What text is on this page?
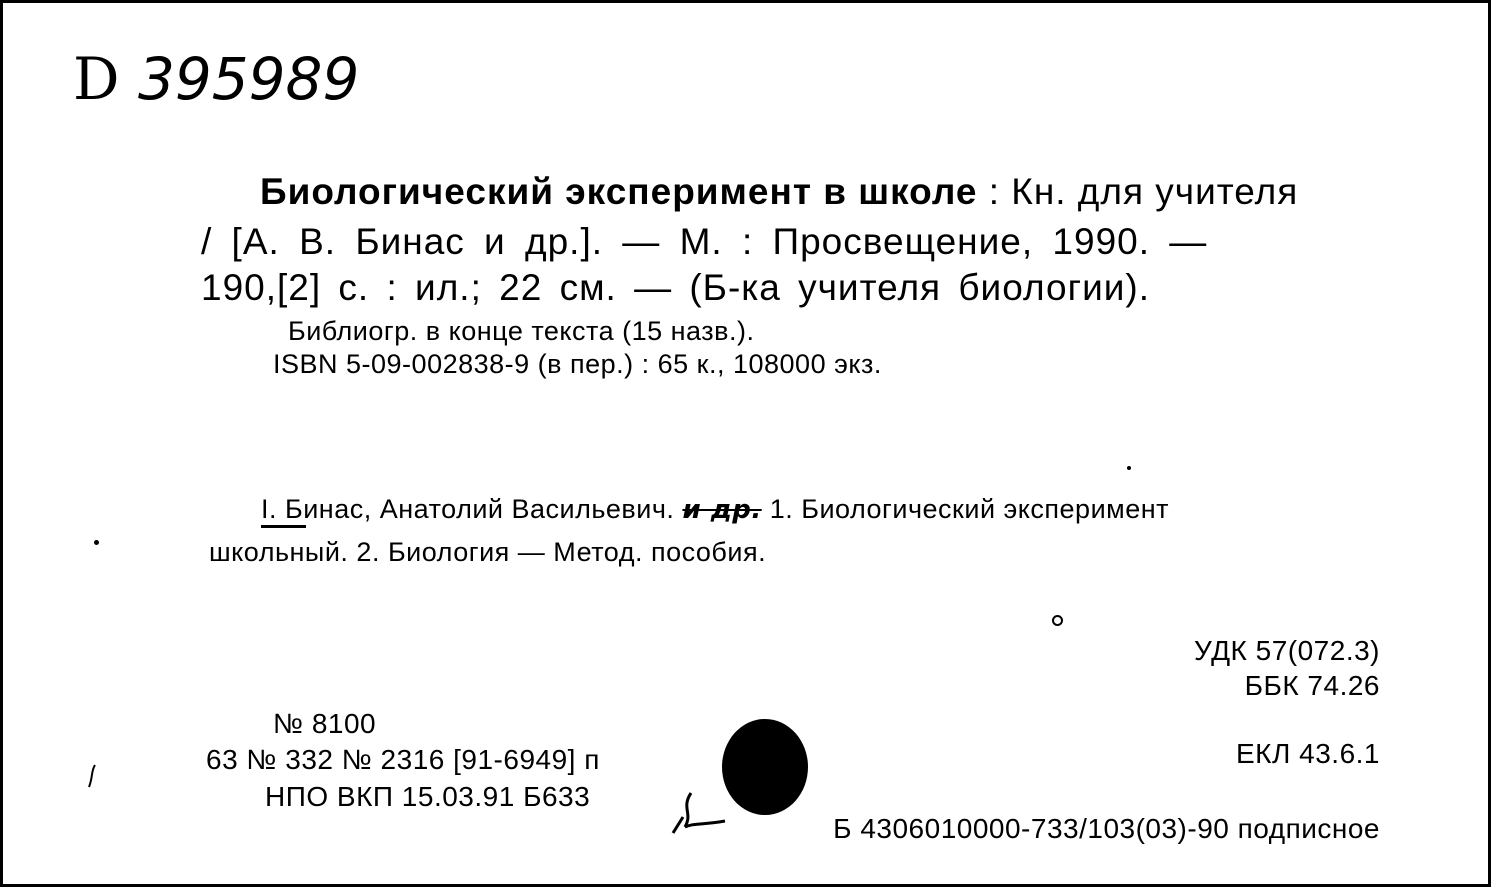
D 395989
Биологический эксперимент в школе : Кн. для учителя
/ [А. В. Бинас и др.]. — М. : Просвещение, 1990. —
190,[2] с. : ил.; 22 см. — (Б-ка учителя биологии).
Библиогр. в конце текста (15 назв.).
ISBN 5-09-002838-9 (в пер.) : 65 к., 108000 экз.
I. Бинас, Анатолий Васильевич. и др. 1. Биологический эксперимент
школьный. 2. Биология — Метод. пособия.
УДК 57(072.3)
ББК 74.26
ЕКЛ 43.6.1
№ 8100
63 № 332 № 2316 [91-6949] п
НПО ВКП 15.03.91 Б633
Б 4306010000-733/103(03)-90 подписное
